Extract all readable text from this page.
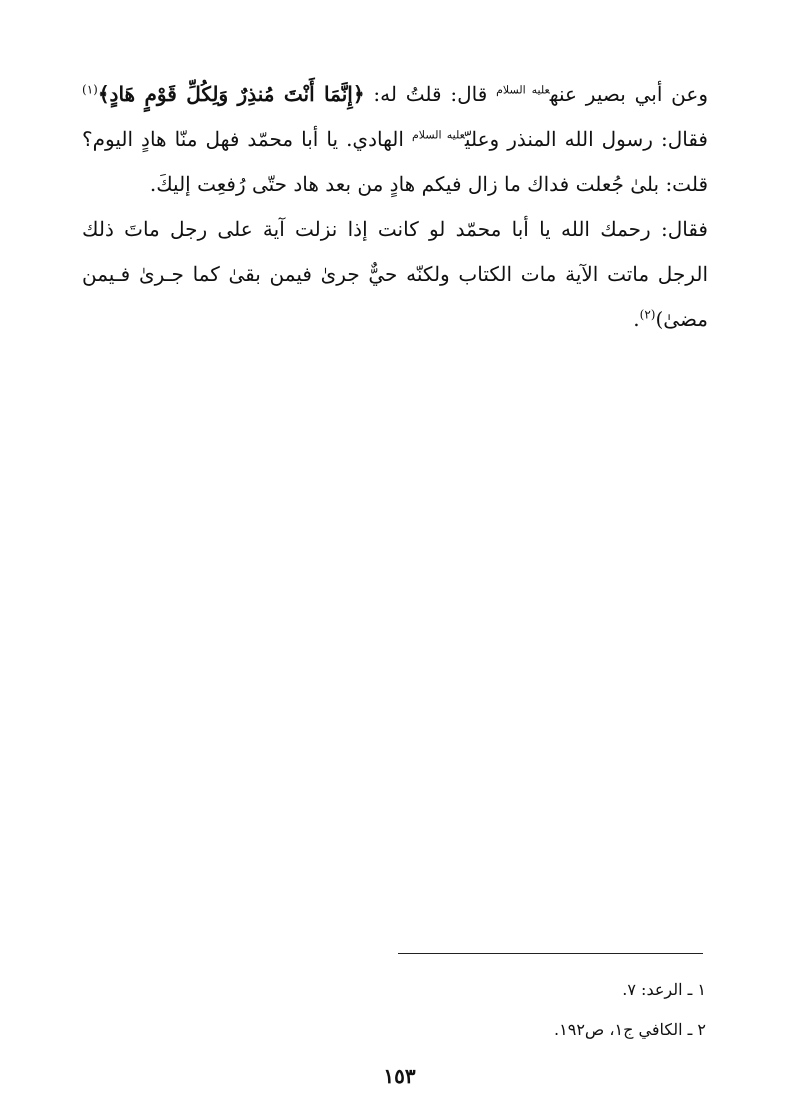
وعن أبي بصير عنه$^{عليه السلام}$ قال: قلتُ له: ﴿إِنَّمَا أَنْتَ مُنذِرٌ وَلِكُلِّ قَوْمٍ هَادٍ﴾$^{(١)}$ فقال: رسول الله المنذر وعليّ$^{عليه السلام}$ الهادي. يا أبا محمّد فهل منّا هادٍ اليوم؟ قلت: بلىٰ جُعلت فداك ما زال فيكم هادٍ من بعد هاد حتّى رُفعِت إليكَ.

فقال: رحمك الله يا أبا محمّد لو كانت إذا نزلت آية على رجل ماتَ ذلك الرجل ماتت الآية مات الكتاب ولكنّه حيٌّ جرىٰ فيمن بقىٰ كما جـرىٰ فـيمن مضىٰ)$^{(٢)}$.

١ ـ الرعد: ٧.
٢ ـ الكافي ج١، ص١٩٢.
١٥٣
